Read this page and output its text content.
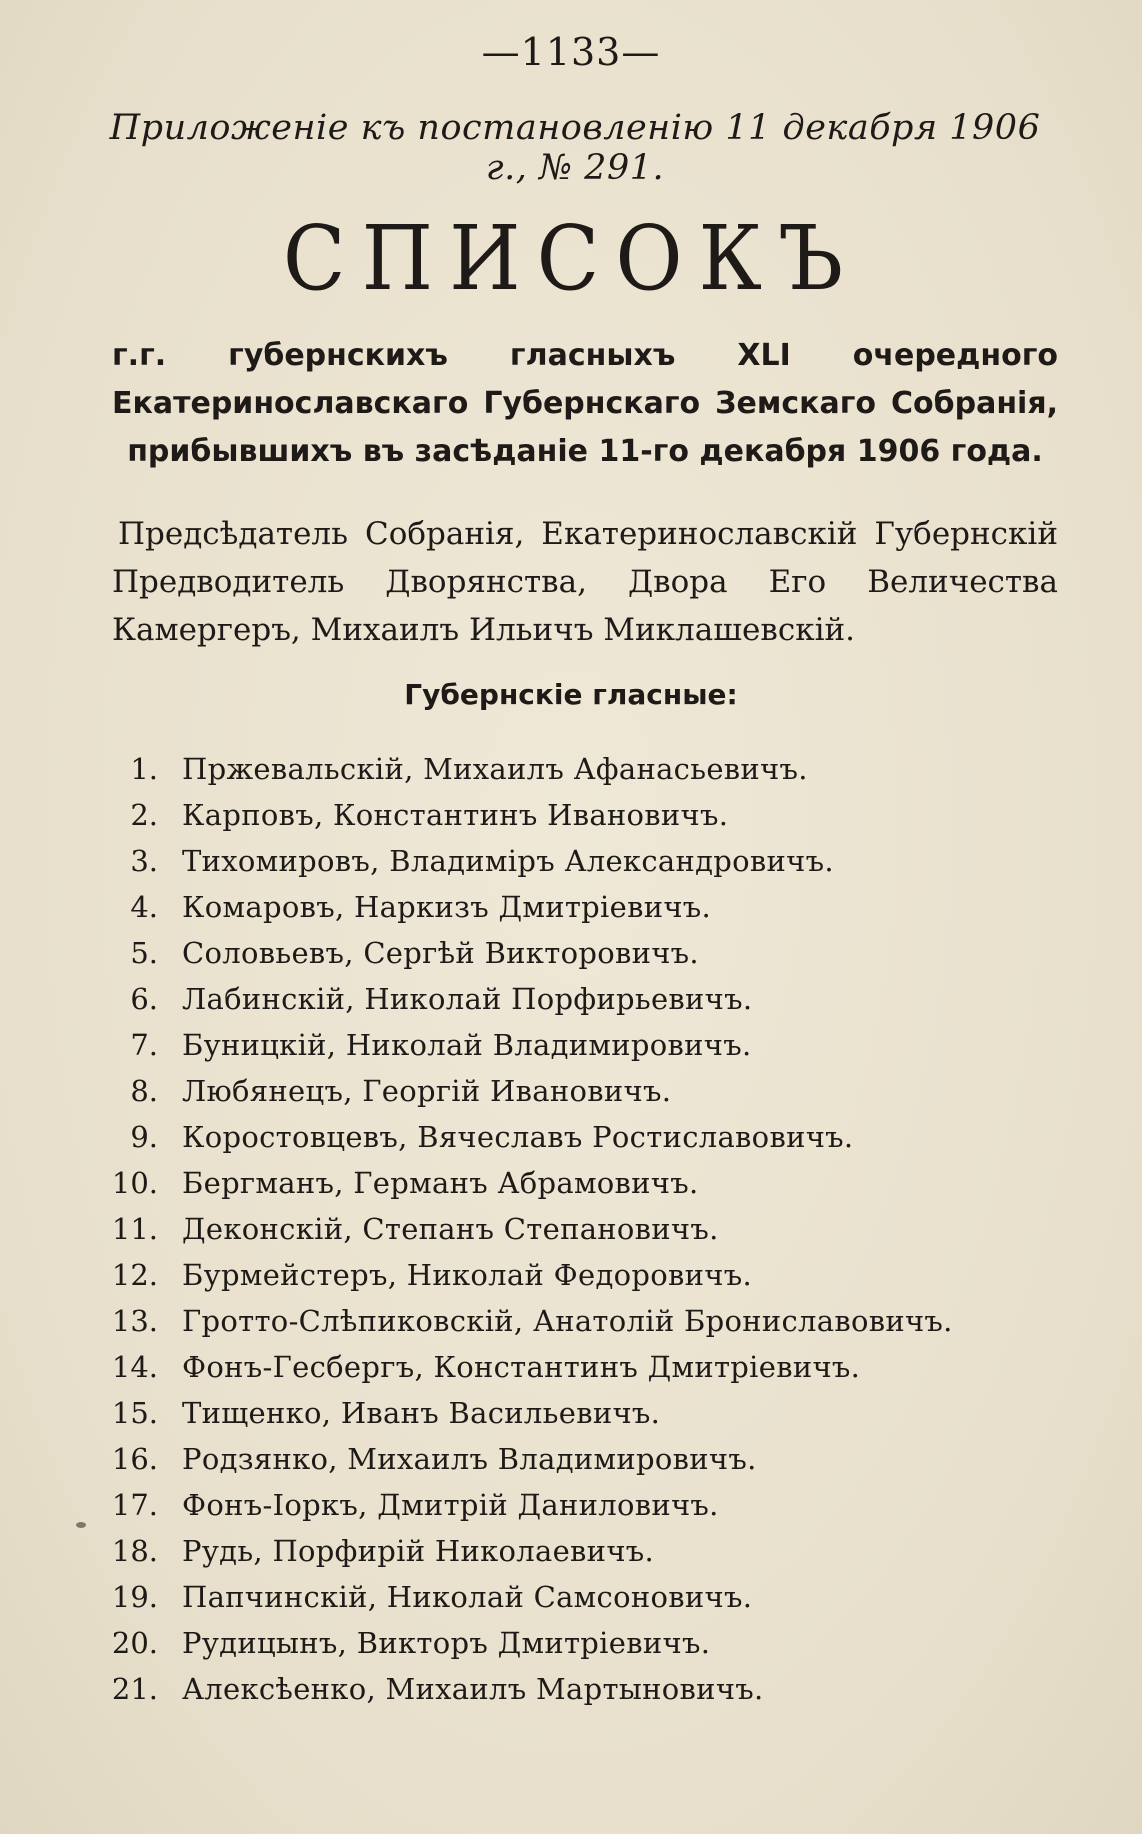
—1133—
Приложеніе къ постановленію 11 декабря 1906 г., № 291.
СПИСОКЪ
г.г. губернскихъ гласныхъ XLI очередного Екатеринославскаго Губернскаго Земскаго Собранія, прибывшихъ въ засѣданіе 11-го декабря 1906 года.
Предсѣдатель Собранія, Екатеринославскій Губернскій Предводитель Дворянства, Двора Его Величества Камергеръ, Михаилъ Ильичъ Миклашевскій.
Губернскіе гласные:
1. Пржевальскій, Михаилъ Афанасьевичъ.
2. Карповъ, Константинъ Ивановичъ.
3. Тихомировъ, Владиміръ Александровичъ.
4. Комаровъ, Наркизъ Дмитріевичъ.
5. Соловьевъ, Сергѣй Викторовичъ.
6. Лабинскій, Николай Порфирьевичъ.
7. Буницкій, Николай Владимировичъ.
8. Любянецъ, Георгій Ивановичъ.
9. Коростовцевъ, Вячеславъ Ростиславовичъ.
10. Бергманъ, Германъ Абрамовичъ.
11. Деконскій, Степанъ Степановичъ.
12. Бурмейстеръ, Николай Федоровичъ.
13. Гротто-Слѣпиковскій, Анатолій Брониславовичъ.
14. Фонъ-Гесбергъ, Константинъ Дмитріевичъ.
15. Тищенко, Иванъ Васильевичъ.
16. Родзянко, Михаилъ Владимировичъ.
17. Фонъ-Іоркъ, Дмитрій Даниловичъ.
18. Рудь, Порфирій Николаевичъ.
19. Папчинскій, Николай Самсоновичъ.
20. Рудицынъ, Викторъ Дмитріевичъ.
21. Алексѣенко, Михаилъ Мартыновичъ.
